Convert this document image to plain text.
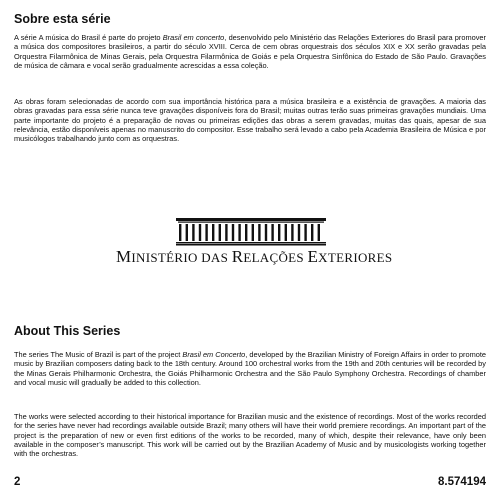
Sobre esta série

A série A música do Brasil é parte do projeto Brasil em concerto, desenvolvido pelo Ministério das Relações Exteriores do Brasil para promover a música dos compositores brasileiros, a partir do século XVIII. Cerca de cem obras orquestrais dos séculos XIX e XX serão gravadas pela Orquestra Filarmônica de Minas Gerais, pela Orquestra Filarmônica de Goiás e pela Orquestra Sinfônica do Estado de São Paulo. Gravações de música de câmara e vocal serão gradualmente acrescidas a essa coleção.

As obras foram selecionadas de acordo com sua importância histórica para a música brasileira e a existência de gravações. A maioria das obras gravadas para essa série nunca teve gravações disponíveis fora do Brasil; muitas outras terão suas primeiras gravações mundiais. Uma parte importante do projeto é a preparação de novas ou primeiras edições das obras a serem gravadas, muitas das quais, apesar de sua relevância, estão disponíveis apenas no manuscrito do compositor. Esse trabalho será levado a cabo pela Academia Brasileira de Música e por musicólogos trabalhando junto com as orquestras.

MINISTÉRIO DAS RELAÇÕES EXTERIORES
About This Series

The series The Music of Brazil is part of the project Brasil em Concerto, developed by the Brazilian Ministry of Foreign Affairs in order to promote music by Brazilian composers dating back to the 18th century. Around 100 orchestral works from the 19th and 20th centuries will be recorded by the Minas Gerais Philharmonic Orchestra, the Goiás Philharmonic Orchestra and the São Paulo Symphony Orchestra. Recordings of chamber and vocal music will gradually be added to this collection.

The works were selected according to their historical importance for Brazilian music and the existence of recordings. Most of the works recorded for the series have never had recordings available outside Brazil; many others will have their world premiere recordings. An important part of the project is the preparation of new or even first editions of the works to be recorded, many of which, despite their relevance, have only been available in the composer’s manuscript. This work will be carried out by the Brazilian Academy of Music and by musicologists working together with the orchestras.

2	8.574194
